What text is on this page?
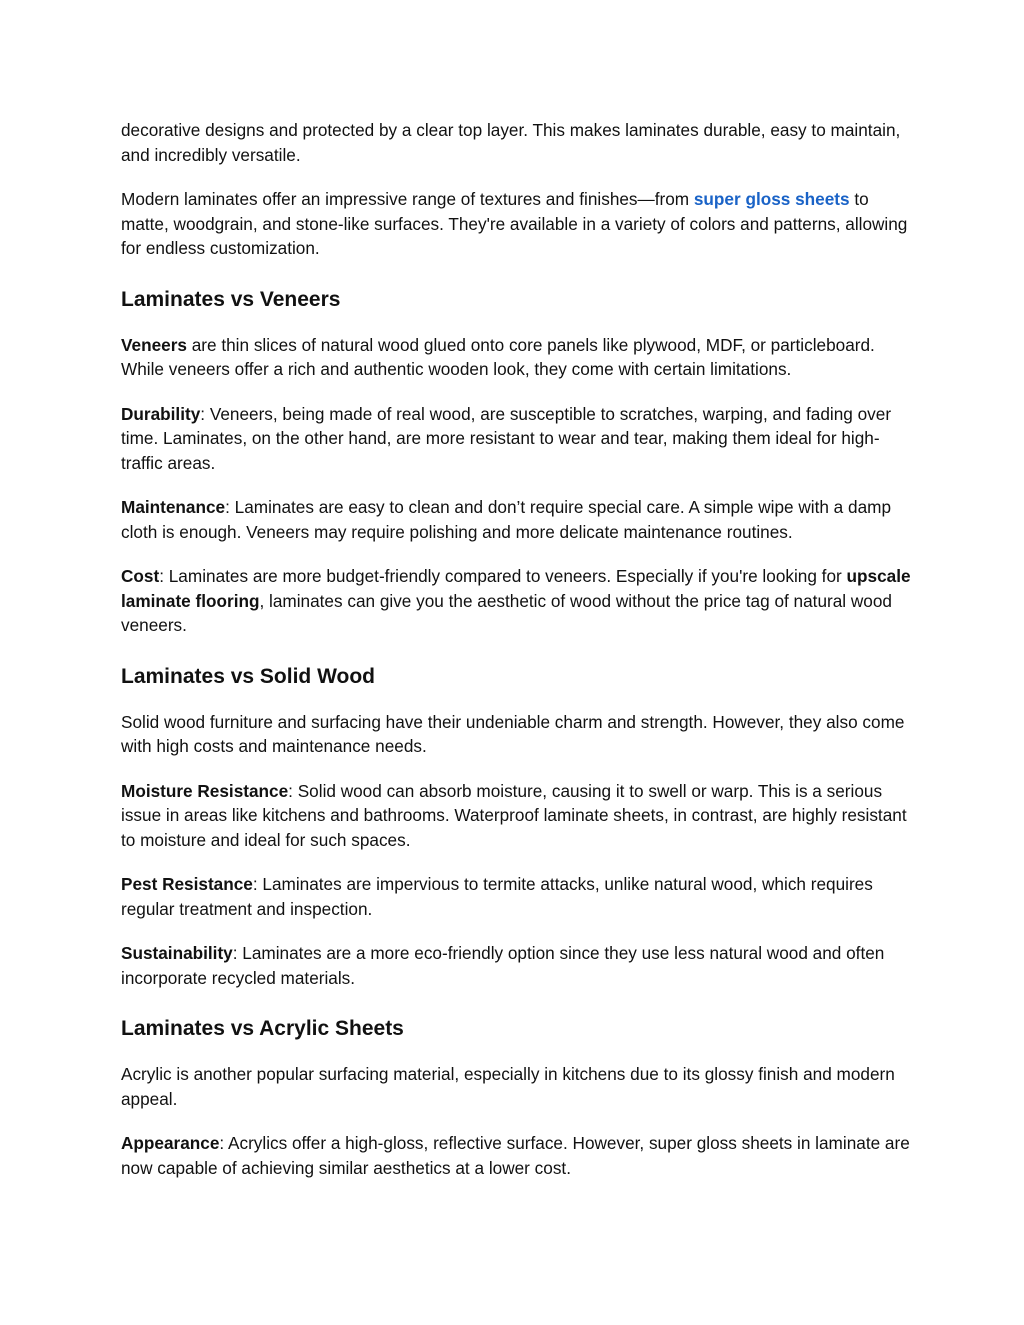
decorative designs and protected by a clear top layer. This makes laminates durable, easy to maintain, and incredibly versatile.

Modern laminates offer an impressive range of textures and finishes—from super gloss sheets to matte, woodgrain, and stone-like surfaces. They're available in a variety of colors and patterns, allowing for endless customization.

Laminates vs Veneers

Veneers are thin slices of natural wood glued onto core panels like plywood, MDF, or particleboard. While veneers offer a rich and authentic wooden look, they come with certain limitations.

Durability: Veneers, being made of real wood, are susceptible to scratches, warping, and fading over time. Laminates, on the other hand, are more resistant to wear and tear, making them ideal for high-traffic areas.

Maintenance: Laminates are easy to clean and don’t require special care. A simple wipe with a damp cloth is enough. Veneers may require polishing and more delicate maintenance routines.

Cost: Laminates are more budget-friendly compared to veneers. Especially if you're looking for upscale laminate flooring, laminates can give you the aesthetic of wood without the price tag of natural wood veneers.

Laminates vs Solid Wood

Solid wood furniture and surfacing have their undeniable charm and strength. However, they also come with high costs and maintenance needs.

Moisture Resistance: Solid wood can absorb moisture, causing it to swell or warp. This is a serious issue in areas like kitchens and bathrooms. Waterproof laminate sheets, in contrast, are highly resistant to moisture and ideal for such spaces.

Pest Resistance: Laminates are impervious to termite attacks, unlike natural wood, which requires regular treatment and inspection.

Sustainability: Laminates are a more eco-friendly option since they use less natural wood and often incorporate recycled materials.

Laminates vs Acrylic Sheets

Acrylic is another popular surfacing material, especially in kitchens due to its glossy finish and modern appeal.

Appearance: Acrylics offer a high-gloss, reflective surface. However, super gloss sheets in laminate are now capable of achieving similar aesthetics at a lower cost.
